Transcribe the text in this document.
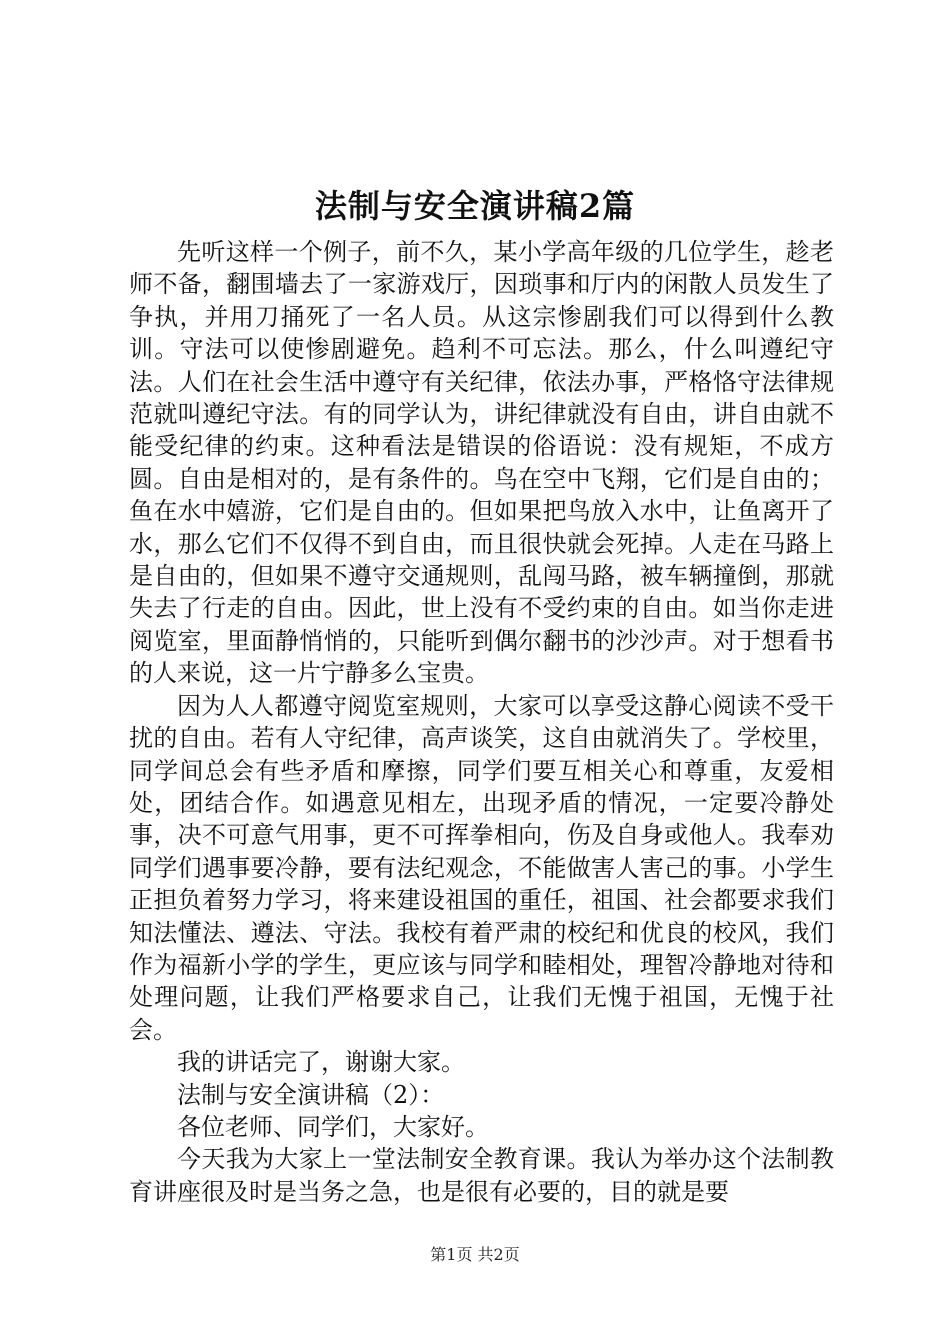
法制与安全演讲稿2篇

先听这样一个例子，前不久，某小学高年级的几位学生，趁老师不备，翻围墙去了一家游戏厅，因琐事和厅内的闲散人员发生了争执，并用刀捅死了一名人员。从这宗惨剧我们可以得到什么教训。守法可以使惨剧避免。趋利不可忘法。那么，什么叫遵纪守法。人们在社会生活中遵守有关纪律，依法办事，严格恪守法律规范就叫遵纪守法。有的同学认为，讲纪律就没有自由，讲自由就不能受纪律的约束。这种看法是错误的俗语说：没有规矩，不成方圆。自由是相对的，是有条件的。鸟在空中飞翔，它们是自由的；鱼在水中嬉游，它们是自由的。但如果把鸟放入水中，让鱼离开了水，那么它们不仅得不到自由，而且很快就会死掉。人走在马路上是自由的，但如果不遵守交通规则，乱闯马路，被车辆撞倒，那就失去了行走的自由。因此，世上没有不受约束的自由。如当你走进阅览室，里面静悄悄的，只能听到偶尔翻书的沙沙声。对于想看书的人来说，这一片宁静多么宝贵。

因为人人都遵守阅览室规则，大家可以享受这静心阅读不受干扰的自由。若有人守纪律，高声谈笑，这自由就消失了。学校里，同学间总会有些矛盾和摩擦，同学们要互相关心和尊重，友爱相处，团结合作。如遇意见相左，出现矛盾的情况，一定要冷静处事，决不可意气用事，更不可挥拳相向，伤及自身或他人。我奉劝同学们遇事要冷静，要有法纪观念，不能做害人害己的事。小学生正担负着努力学习，将来建设祖国的重任，祖国、社会都要求我们知法懂法、遵法、守法。我校有着严肃的校纪和优良的校风，我们作为福新小学的学生，更应该与同学和睦相处，理智冷静地对待和处理问题，让我们严格要求自己，让我们无愧于祖国，无愧于社会。

我的讲话完了，谢谢大家。

法制与安全演讲稿（2）：

各位老师、同学们，大家好。

今天我为大家上一堂法制安全教育课。我认为举办这个法制教育讲座很及时是当务之急，也是很有必要的，目的就是要

第1页 共2页
